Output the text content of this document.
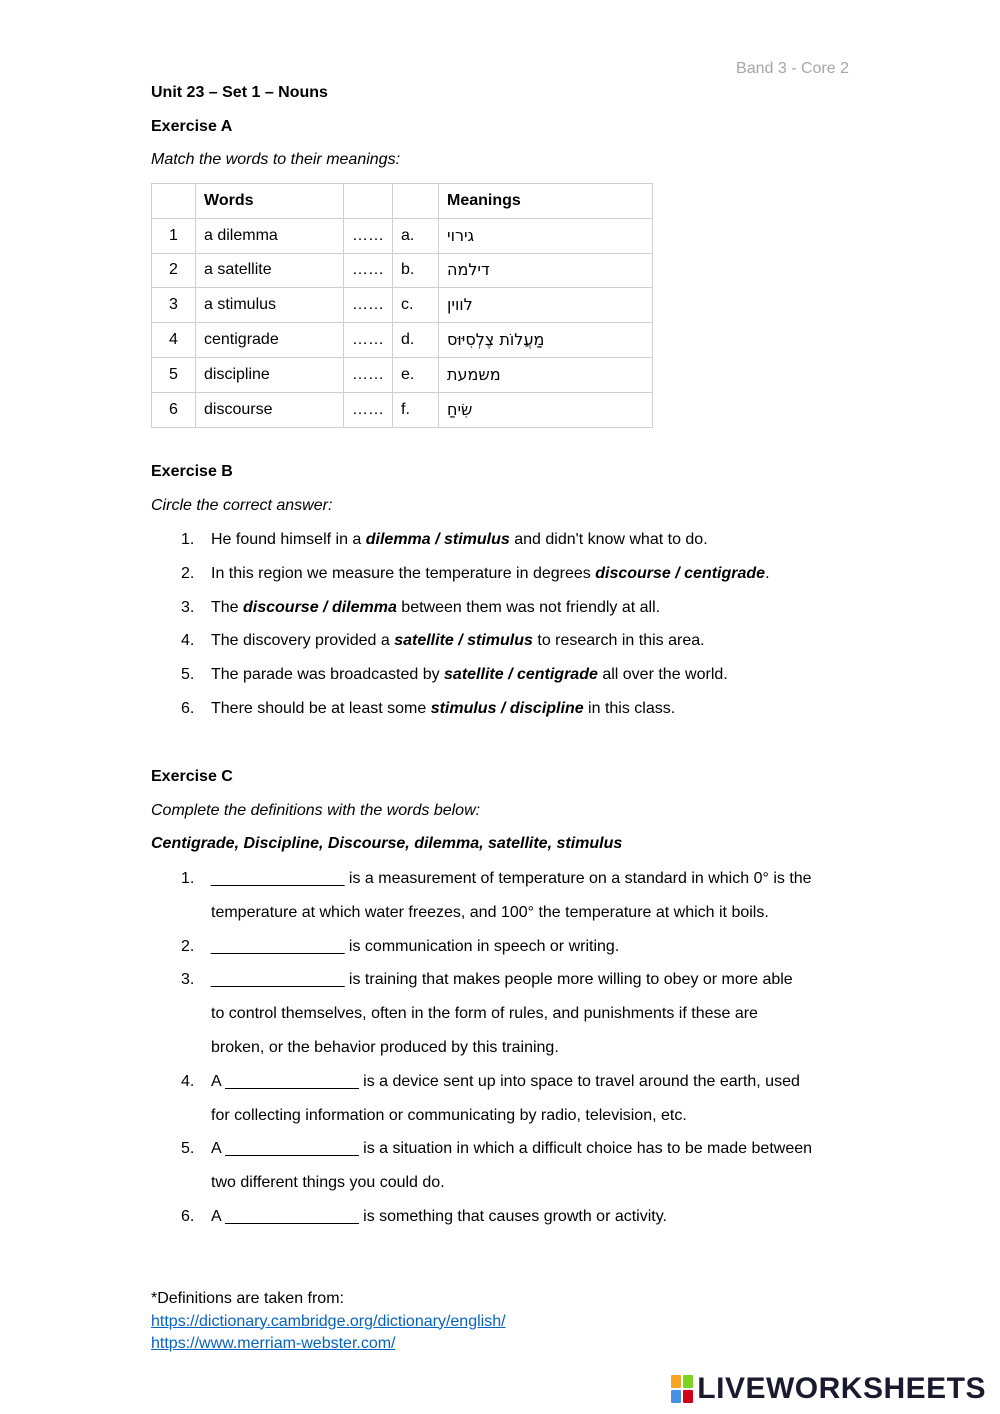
Band 3 - Core 2
Unit 23 – Set 1 – Nouns
Exercise A
Match the words to their meanings:
	Words			Meanings
1	a dilemma	……	a.	גירוי
2	a satellite	……	b.	דילמה
3	a stimulus	……	c.	לווין
4	centigrade	……	d.	מַעֲלוֹת צֶלְסִיּוּס
5	discipline	……	e.	משמעת
6	discourse	……	f.	שִׂיחַ
Exercise B
Circle the correct answer:
1. He found himself in a dilemma / stimulus and didn't know what to do.
2. In this region we measure the temperature in degrees discourse / centigrade.
3. The discourse / dilemma between them was not friendly at all.
4. The discovery provided a satellite / stimulus to research in this area.
5. The parade was broadcasted by satellite / centigrade all over the world.
6. There should be at least some stimulus / discipline in this class.
Exercise C
Complete the definitions with the words below:
Centigrade, Discipline, Discourse, dilemma, satellite, stimulus
1. _______________ is a measurement of temperature on a standard in which 0° is the
temperature at which water freezes, and 100° the temperature at which it boils.
2. _______________ is communication in speech or writing.
3. _______________ is training that makes people more willing to obey or more able
to control themselves, often in the form of rules, and punishments if these are
broken, or the behavior produced by this training.
4. A _______________ is a device sent up into space to travel around the earth, used
for collecting information or communicating by radio, television, etc.
5. A _______________ is a situation in which a difficult choice has to be made between
two different things you could do.
6. A _______________ is something that causes growth or activity.
*Definitions are taken from:
https://dictionary.cambridge.org/dictionary/english/
https://www.merriam-webster.com/
LIVEWORKSHEETS
